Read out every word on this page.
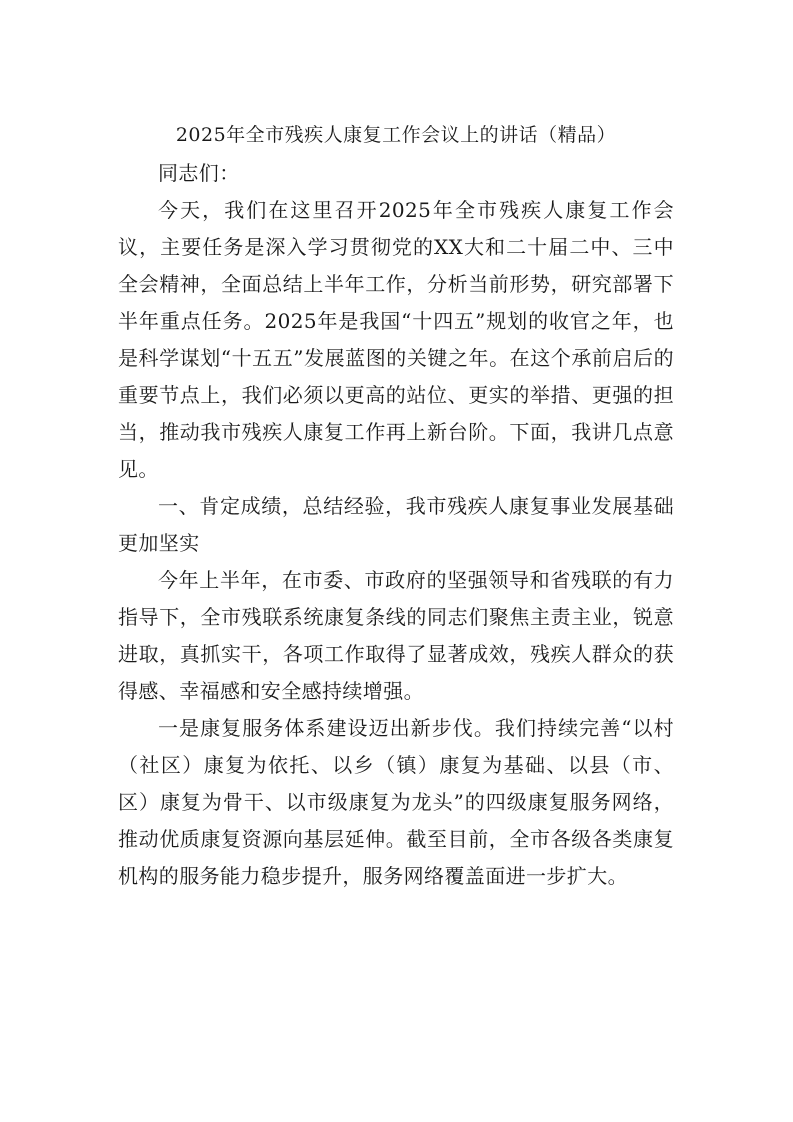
2025年全市残疾人康复工作会议上的讲话（精品）

同志们：

今天，我们在这里召开2025年全市残疾人康复工作会议，主要任务是深入学习贯彻党的XX大和二十届二中、三中全会精神，全面总结上半年工作，分析当前形势，研究部署下半年重点任务。2025年是我国“十四五”规划的收官之年，也是科学谋划“十五五”发展蓝图的关键之年。在这个承前启后的重要节点上，我们必须以更高的站位、更实的举措、更强的担当，推动我市残疾人康复工作再上新台阶。下面，我讲几点意见。

一、肯定成绩，总结经验，我市残疾人康复事业发展基础更加坚实

今年上半年，在市委、市政府的坚强领导和省残联的有力指导下，全市残联系统康复条线的同志们聚焦主责主业，锐意进取，真抓实干，各项工作取得了显著成效，残疾人群众的获得感、幸福感和安全感持续增强。

一是康复服务体系建设迈出新步伐。我们持续完善“以村（社区）康复为依托、以乡（镇）康复为基础、以县（市、区）康复为骨干、以市级康复为龙头”的四级康复服务网络，推动优质康复资源向基层延伸。截至目前，全市各级各类康复机构的服务能力稳步提升，服务网络覆盖面进一步扩大。
